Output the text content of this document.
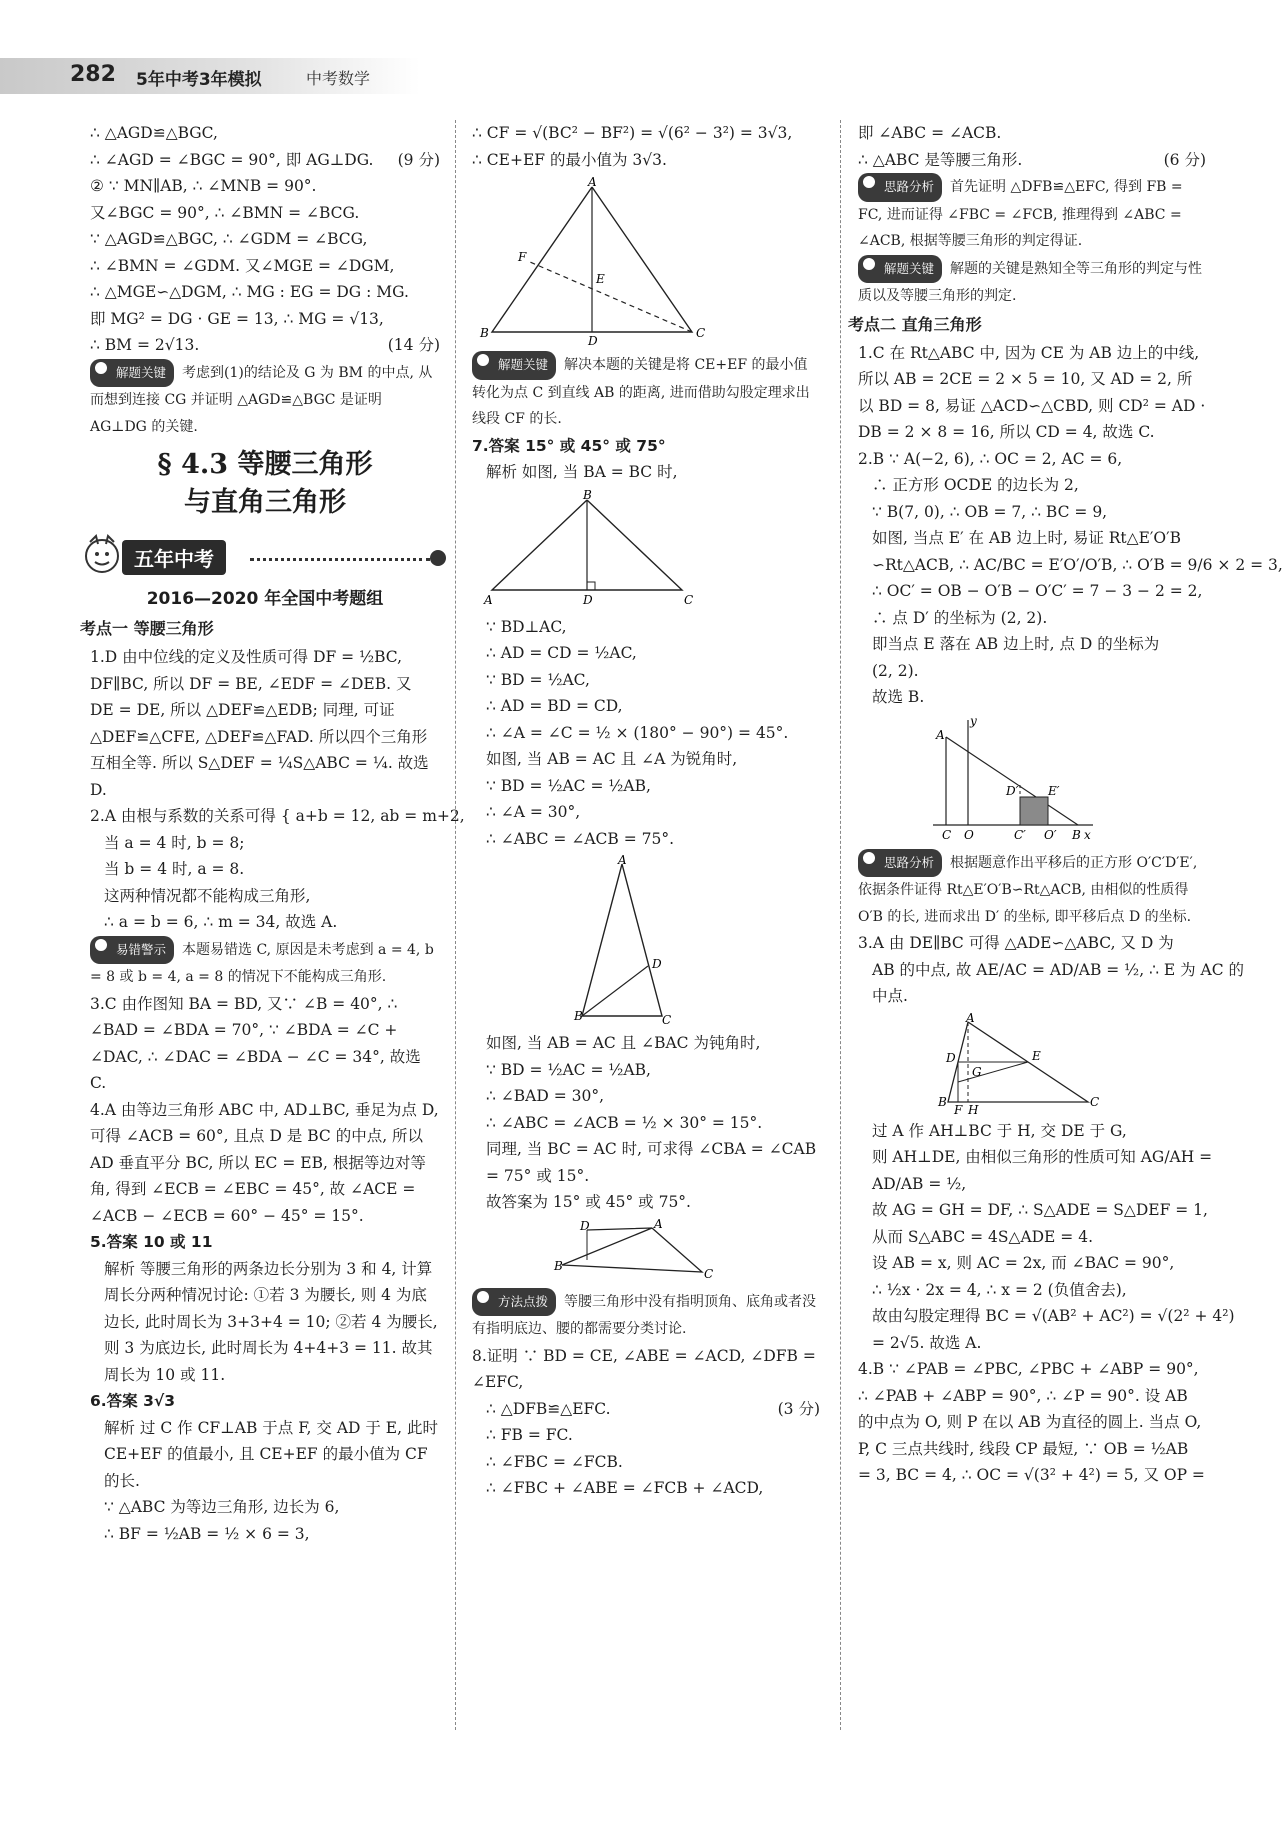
282 5年中考3年模拟	中考数学
∴ △AGD≌△BGC,
∴ ∠AGD = ∠BGC = 90°, 即 AG⊥DG. (9 分)
② ∵ MN∥AB, ∴ ∠MNB = 90°.
又∠BGC = 90°, ∴ ∠BMN = ∠BCG.
∵ △AGD≌△BGC, ∴ ∠GDM = ∠BCG,
∴ ∠BMN = ∠GDM. 又∠MGE = ∠DGM,
∴ △MGE∽△DGM, ∴ MG : EG = DG : MG.
即 MG² = DG · GE = 13, ∴ MG = √13,
∴ BM = 2√13.	(14 分)
解题关键 考虑到(1)的结论及 G 为 BM 的中点, 从而想到连接 CG 并证明 △AGD≌△BGC 是证明 AG⊥DG 的关键.
§ 4.3 等腰三角形
与直角三角形
五年中考
2016—2020 年全国中考题组
考点一 等腰三角形
1.D 由中位线的定义及性质可得 DF = ½BC, DF∥BC, 所以 DF = BE, ∠EDF = ∠DEB. 又 DE = DE, 所以 △DEF≌△EDB; 同理, 可证 △DEF≌△CFE, △DEF≌△FAD. 所以四个三角形互相全等. 所以 S△DEF = ¼S△ABC = ¼. 故选 D.
2.A 由根与系数的关系可得 { a+b = 12, ab = m+2,
当 a = 4 时, b = 8;
当 b = 4 时, a = 8.
这两种情况都不能构成三角形,
∴ a = b = 6, ∴ m = 34, 故选 A.
易错警示 本题易错选 C, 原因是未考虑到 a = 4, b = 8 或 b = 4, a = 8 的情况下不能构成三角形.
3.C 由作图知 BA = BD, 又∵ ∠B = 40°, ∴ ∠BAD = ∠BDA = 70°, ∵ ∠BDA = ∠C + ∠DAC, ∴ ∠DAC = ∠BDA − ∠C = 34°, 故选 C.
4.A 由等边三角形 ABC 中, AD⊥BC, 垂足为点 D, 可得 ∠ACB = 60°, 且点 D 是 BC 的中点, 所以 AD 垂直平分 BC, 所以 EC = EB, 根据等边对等角, 得到 ∠ECB = ∠EBC = 45°, 故 ∠ACE = ∠ACB − ∠ECB = 60° − 45° = 15°.
5.答案 10 或 11
解析 等腰三角形的两条边长分别为 3 和 4, 计算周长分两种情况讨论: ①若 3 为腰长, 则 4 为底边长, 此时周长为 3+3+4 = 10; ②若 4 为腰长, 则 3 为底边长, 此时周长为 4+4+3 = 11. 故其周长为 10 或 11.
6.答案 3√3
解析 过 C 作 CF⊥AB 于点 F, 交 AD 于 E, 此时 CE+EF 的值最小, 且 CE+EF 的最小值为 CF 的长.
∵ △ABC 为等边三角形, 边长为 6,
∴ BF = ½AB = ½ × 6 = 3,
∴ CF = √(BC² − BF²) = √(6² − 3²) = 3√3,
∴ CE+EF 的最小值为 3√3.
A
B	C
D
E
F
解题关键 解决本题的关键是将 CE+EF 的最小值转化为点 C 到直线 AB 的距离, 进而借助勾股定理求出线段 CF 的长.
7.答案 15° 或 45° 或 75°
解析 如图, 当 BA = BC 时,
B
A	D	C
∵ BD⊥AC,
∴ AD = CD = ½AC,
∵ BD = ½AC,
∴ AD = BD = CD,
∴ ∠A = ∠C = ½ × (180° − 90°) = 45°.
如图, 当 AB = AC 且 ∠A 为锐角时,
∵ BD = ½AC = ½AB,
∴ ∠A = 30°,
∴ ∠ABC = ∠ACB = 75°.
A
D
B	C
如图, 当 AB = AC 且 ∠BAC 为钝角时,
∵ BD = ½AC = ½AB,
∴ ∠BAD = 30°,
∴ ∠ABC = ∠ACB = ½ × 30° = 15°.
同理, 当 BC = AC 时, 可求得 ∠CBA = ∠CAB = 75° 或 15°.
故答案为 15° 或 45° 或 75°.
D	A
B
C
方法点拨 等腰三角形中没有指明顶角、底角或者没有指明底边、腰的都需要分类讨论.
8.证明 ∵ BD = CE, ∠ABE = ∠ACD, ∠DFB = ∠EFC,
∴ △DFB≌△EFC.	(3 分)
∴ FB = FC.
∴ ∠FBC = ∠FCB.
∴ ∠FBC + ∠ABE = ∠FCB + ∠ACD,
即 ∠ABC = ∠ACB.
∴ △ABC 是等腰三角形.	(6 分)
思路分析 首先证明 △DFB≌△EFC, 得到 FB = FC, 进而证得 ∠FBC = ∠FCB, 推理得到 ∠ABC = ∠ACB, 根据等腰三角形的判定得证.
解题关键 解题的关键是熟知全等三角形的判定与性质以及等腰三角形的判定.
考点二 直角三角形
1.C 在 Rt△ABC 中, 因为 CE 为 AB 边上的中线, 所以 AB = 2CE = 2 × 5 = 10, 又 AD = 2, 所以 BD = 8, 易证 △ACD∽△CBD, 则 CD² = AD · DB = 2 × 8 = 16, 所以 CD = 4, 故选 C.
2.B ∵ A(−2, 6), ∴ OC = 2, AC = 6,
∴ 正方形 OCDE 的边长为 2,
∵ B(7, 0), ∴ OB = 7, ∴ BC = 9,
如图, 当点 E′ 在 AB 边上时, 易证 Rt△E′O′B
∽Rt△ACB, ∴ AC/BC = E′O′/O′B, ∴ O′B = 9/6 × 2 = 3,
∴ OC′ = OB − O′B − O′C′ = 7 − 3 − 2 = 2,
∴ 点 D′ 的坐标为 (2, 2).
即当点 E 落在 AB 边上时, 点 D 的坐标为
(2, 2).
故选 B.
y
A
D′ E′
C O	C′ O′ B x
思路分析 根据题意作出平移后的正方形 O′C′D′E′, 依据条件证得 Rt△E′O′B∽Rt△ACB, 由相似的性质得 O′B 的长, 进而求出 D′ 的坐标, 即平移后点 D 的坐标.
3.A 由 DE∥BC 可得 △ADE∽△ABC, 又 D 为
AB 的中点, 故 AE/AC = AD/AB = ½, ∴ E 为 AC 的
中点.
A
D	E
G
B
F H
C
过 A 作 AH⊥BC 于 H, 交 DE 于 G,
则 AH⊥DE, 由相似三角形的性质可知 AG/AH =
AD/AB = ½,
故 AG = GH = DF, ∴ S△ADE = S△DEF = 1,
从而 S△ABC = 4S△ADE = 4.
设 AB = x, 则 AC = 2x, 而 ∠BAC = 90°,
∴ ½x · 2x = 4, ∴ x = 2 (负值舍去),
故由勾股定理得 BC = √(AB² + AC²) = √(2² + 4²)
= 2√5. 故选 A.
4.B ∵ ∠PAB = ∠PBC, ∠PBC + ∠ABP = 90°, ∴ ∠PAB + ∠ABP = 90°, ∴ ∠P = 90°. 设 AB 的中点为 O, 则 P 在以 AB 为直径的圆上. 当点 O, P, C 三点共线时, 线段 CP 最短, ∵ OB = ½AB = 3, BC = 4, ∴ OC = √(3² + 4²) = 5, 又 OP =
